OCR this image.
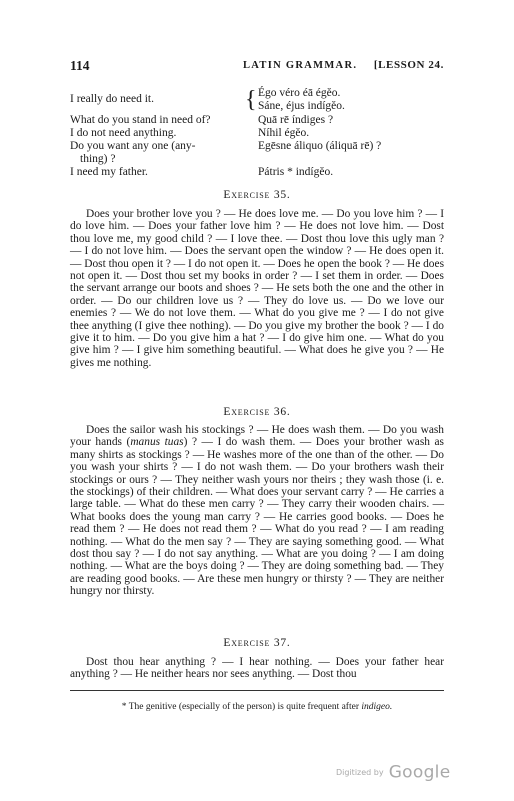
114	LATIN GRAMMAR. [LESSON 24.
I really do need it.	{ Égo véro éā égĕo.
Sáne, éjus indígĕo.
What do you stand in need of?	Quā rē índiges ?
I do not need anything.	Níhil égĕo.
Do you want any one (any-	Egēsne áliquo (áliquā rē) ?
thing) ?
I need my father.	Pátris * indígĕo.
Exercise 35.

Does your brother love you ? — He does love me. — Do you love him ? — I do love him. — Does your father love him ? — He does not love him. — Dost thou love me, my good child ? — I love thee. — Dost thou love this ugly man ? — I do not love him. — Does the servant open the window ? — He does open it. — Dost thou open it ? — I do not open it. — Does he open the book ? — He does not open it. — Dost thou set my books in order ? — I set them in order. — Does the servant arrange our boots and shoes ? — He sets both the one and the other in order. — Do our children love us ? — They do love us. — Do we love our enemies ? — We do not love them. — What do you give me ? — I do not give thee anything (I give thee nothing). — Do you give my brother the book ? — I do give it to him. — Do you give him a hat ? — I do give him one. — What do you give him ? — I give him something beautiful. — What does he give you ? — He gives me nothing.

Exercise 36.

Does the sailor wash his stockings ? — He does wash them. — Do you wash your hands (manus tuas) ? — I do wash them. — Does your brother wash as many shirts as stockings ? — He washes more of the one than of the other. — Do you wash your shirts ? — I do not wash them. — Do your brothers wash their stockings or ours ? — They neither wash yours nor theirs ; they wash those (i. e. the stockings) of their children. — What does your servant carry ? — He carries a large table. — What do these men carry ? — They carry their wooden chairs. — What books does the young man carry ? — He carries good books. — Does he read them ? — He does not read them ? — What do you read ? — I am reading nothing. — What do the men say ? — They are saying something good. — What dost thou say ? — I do not say anything. — What are you doing ? — I am doing nothing. — What are the boys doing ? — They are doing something bad. — They are reading good books. — Are these men hungry or thirsty ? — They are neither hungry nor thirsty.

Exercise 37.

Dost thou hear anything ? — I hear nothing. — Does your father hear anything ? — He neither hears nor sees anything. — Dost thou

* The genitive (especially of the person) is quite frequent after indigeo.
Digitized by Google
